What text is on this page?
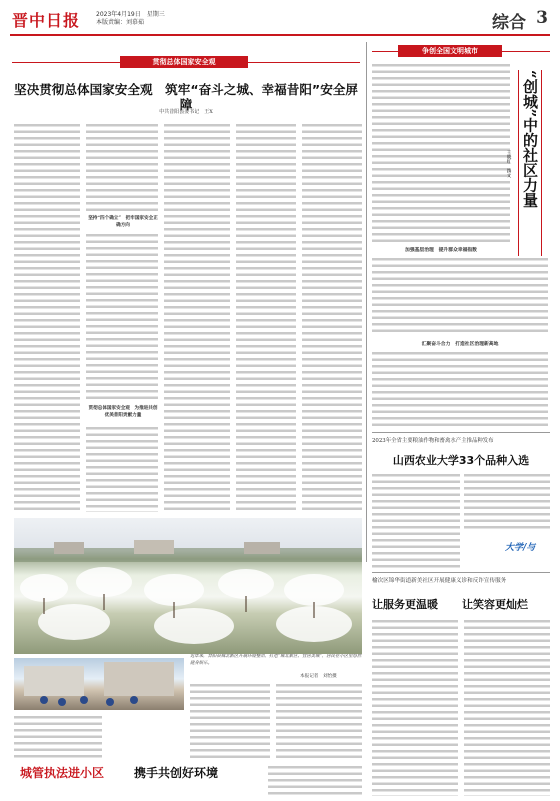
晋中日报	2023年4月19日　星期三
本版责编：刘慕茹	综合 3
贯彻总体国家安全观
坚决贯彻总体国家安全观　筑牢“奋斗之城、幸福昔阳”安全屏障
中共昔阳县委书记　王X
坚持“四个确立”　把牢国家安全正确方向
贯彻总体国家安全观　为推进共创优美昔阳贡献力量
争创全国文明城市
“创城”中的社区力量
王晓红　撰文
加强基层治理　提升群众幸福指数
汇聚奋斗合力　打造社区治理新高地
2023年全省主要粮油作物和畜禽水产主推品种发布
山西农业大学33个品种入选
大学/与
近年来，昔阳县城北新区开展环境整治，打造“城北新区、宜居美城”，居民在小区里悠然健身娱乐。
本报记者　刘怡摄
城管执法进小区	携手共创好环境
榆次区锦华街道新美社区开展健康义诊和反诈宣传服务
让服务更温暖	让笑容更灿烂
